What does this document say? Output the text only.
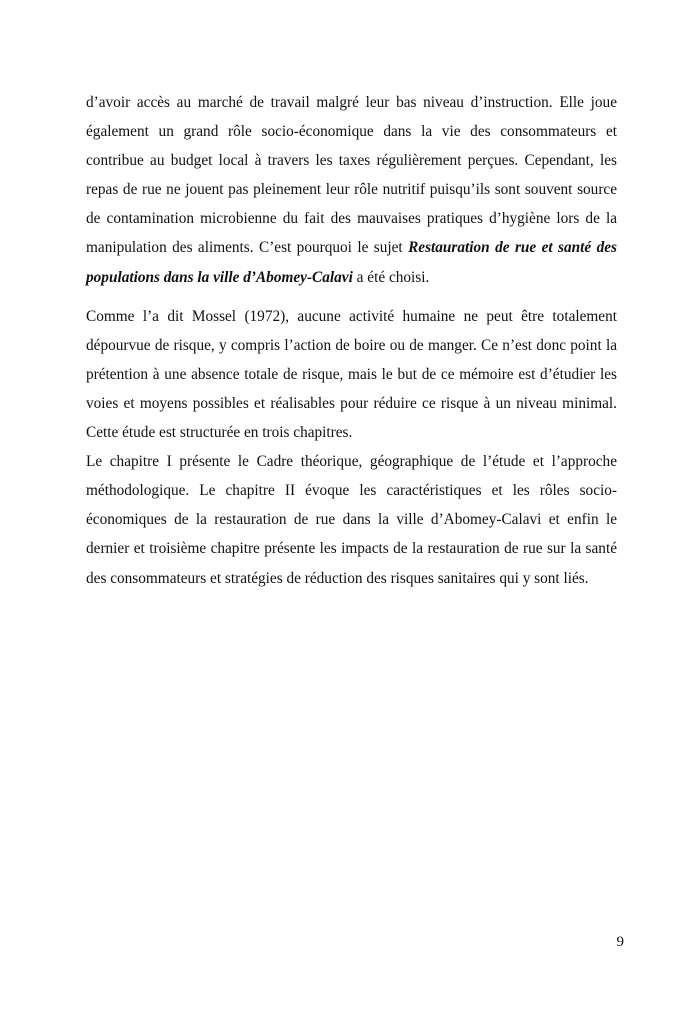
d’avoir accès au marché de travail malgré leur bas niveau d’instruction. Elle joue également un grand rôle socio-économique dans la vie des consommateurs et contribue au budget local à travers les taxes régulièrement perçues. Cependant, les repas de rue ne jouent pas pleinement leur rôle nutritif puisqu’ils sont souvent source de contamination microbienne du fait des mauvaises pratiques d’hygiène lors de la manipulation des aliments. C’est pourquoi le sujet Restauration de rue et santé des populations dans la ville d’Abomey-Calavi a été choisi.

Comme l’a dit Mossel (1972), aucune activité humaine ne peut être totalement dépourvue de risque, y compris l’action de boire ou de manger. Ce n’est donc point la prétention à une absence totale de risque, mais le but de ce mémoire est d’étudier les voies et moyens possibles et réalisables pour réduire ce risque à un niveau minimal. Cette étude est structurée en trois chapitres.

Le chapitre I présente le Cadre théorique, géographique de l’étude et l’approche méthodologique. Le chapitre II évoque les caractéristiques et les rôles socio-économiques de la restauration de rue dans la ville d’Abomey-Calavi et enfin le dernier et troisième chapitre présente les impacts de la restauration de rue sur la santé des consommateurs et stratégies de réduction des risques sanitaires qui y sont liés.

9
